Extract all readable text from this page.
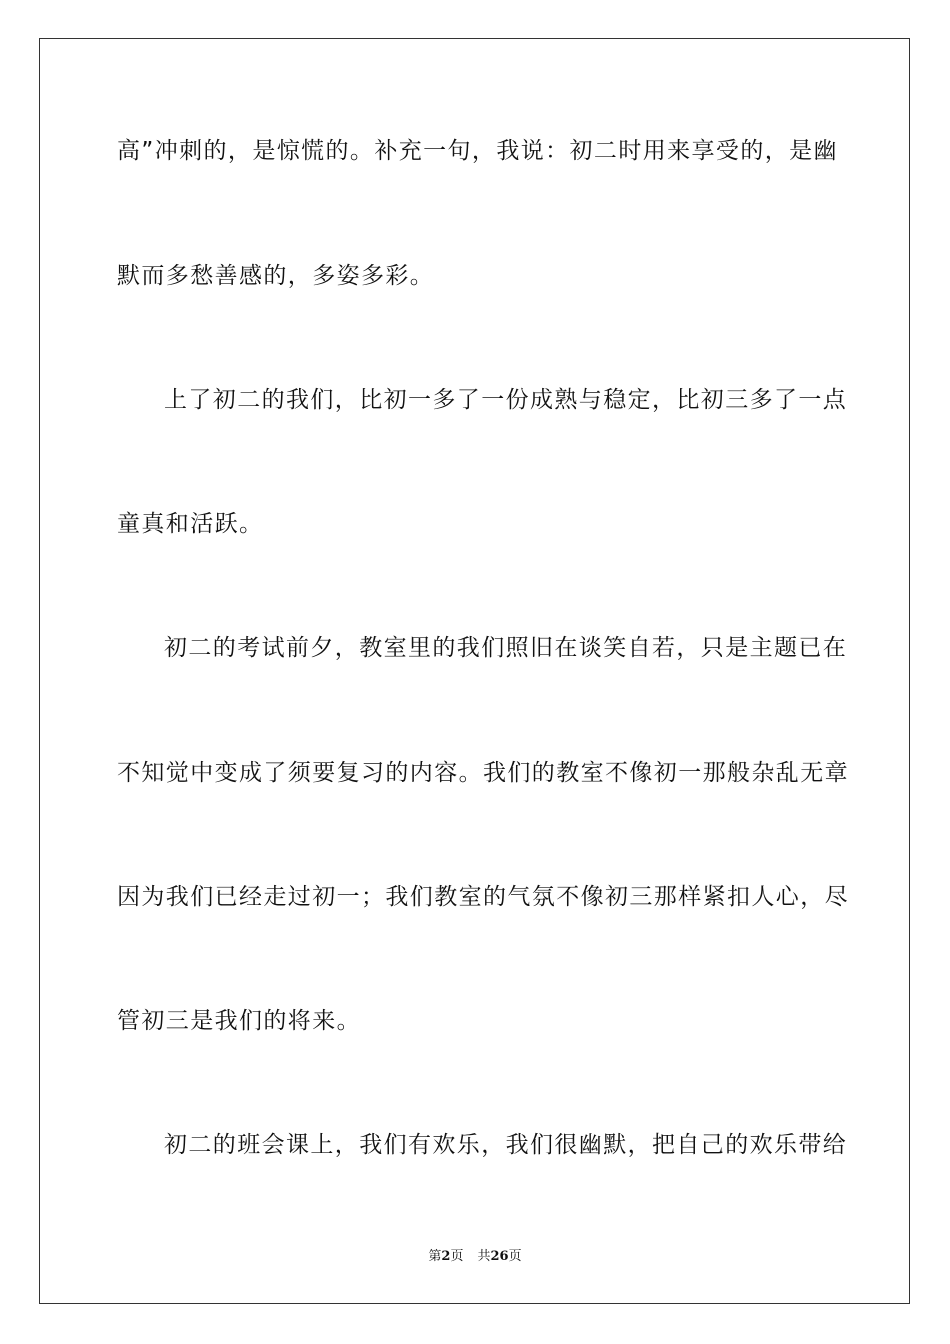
高”冲刺的，是惊慌的。补充一句，我说：初二时用来享受的，是幽
默而多愁善感的，多姿多彩。
上了初二的我们，比初一多了一份成熟与稳定，比初三多了一点
童真和活跃。
初二的考试前夕，教室里的我们照旧在谈笑自若，只是主题已在
不知觉中变成了须要复习的内容。我们的教室不像初一那般杂乱无章
因为我们已经走过初一；我们教室的气氛不像初三那样紧扣人心，尽
管初三是我们的将来。
初二的班会课上，我们有欢乐，我们很幽默，把自己的欢乐带给
第2页 共26页
